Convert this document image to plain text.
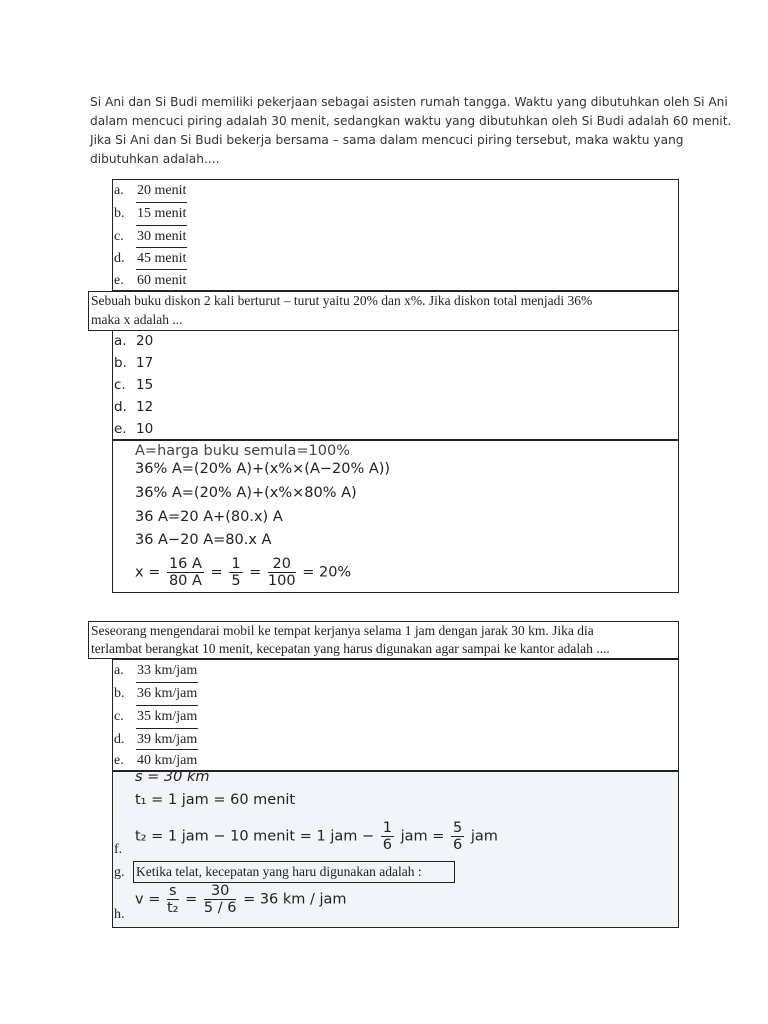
Si Ani dan Si Budi memiliki pekerjaan sebagai asisten rumah tangga. Waktu yang dibutuhkan oleh Si Ani
dalam mencuci piring adalah 30 menit, sedangkan waktu yang dibutuhkan oleh Si Budi adalah 60 menit.
Jika Si Ani dan Si Budi bekerja bersama – sama dalam mencuci piring tersebut, maka waktu yang
dibutuhkan adalah....
a. 20 menit
b. 15 menit
c. 30 menit
d. 45 menit
e. 60 menit
Sebuah buku diskon 2 kali berturut – turut yaitu 20% dan x%. Jika diskon total menjadi 36%
maka x adalah ...
a. 20
b. 17
c. 15
d. 12
e. 10
A=harga buku semula=100%
36% A=(20% A)+(x%×(A−20% A))
36% A=(20% A)+(x%×80% A)
36 A=20 A+(80.x) A
36 A−20 A=80.x A
$x = \frac{16 A}{80 A} = \frac{1}{5} = \frac{20}{100} = 20\%$
Seseorang mengendarai mobil ke tempat kerjanya selama 1 jam dengan jarak 30 km. Jika dia
terlambat berangkat 10 menit, kecepatan yang harus digunakan agar sampai ke kantor adalah ....
a. 33 km/jam
b. 36 km/jam
c. 35 km/jam
d. 39 km/jam
e. 40 km/jam
s = 30 km
t₁ = 1 jam = 60 menit
f.
t₂ = 1 jam − 10 menit = 1 jam − $\frac{1}{6}$ jam = $\frac{5}{6}$ jam
g. Ketika telat, kecepatan yang haru digunakan adalah :
h.
$v = \frac{s}{\text{t₂}} = \frac{30}{5 / 6} = 36$ km / jam
